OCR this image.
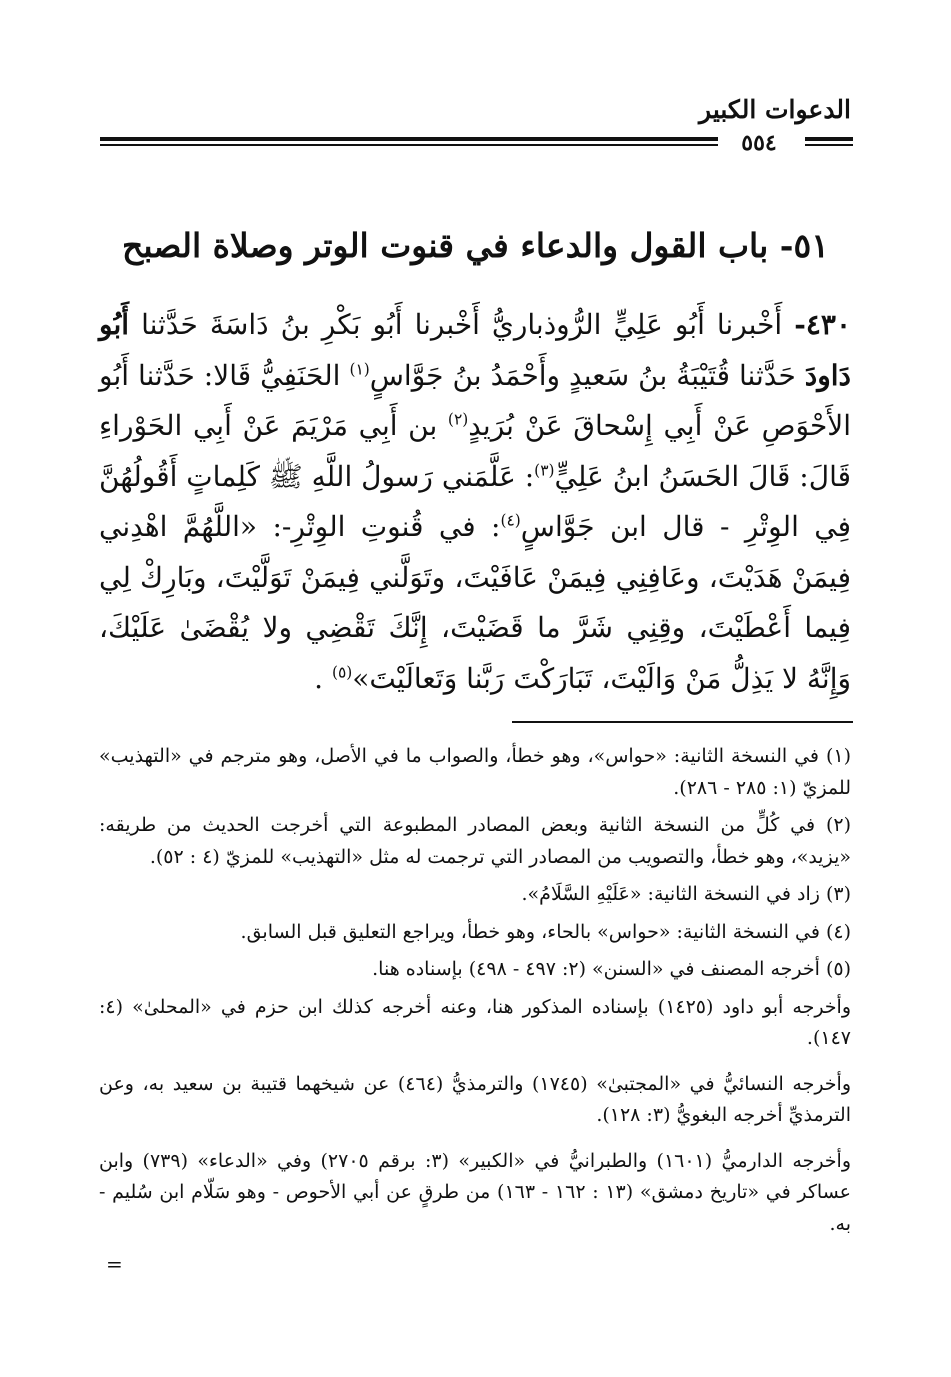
الدعوات الكبير
٥٥٤
٥١- باب القول والدعاء في قنوت الوتر وصلاة الصبح
٤٣٠- أَخْبرنا أَبُو عَلِيٍّ الرُّوذباريُّ أَخْبرنا أَبُو بَكْرِ بنُ دَاسَةَ حَدَّثنا أَبُو دَاودَ حَدَّثنا قُتَيْبَةُ بنُ سَعيدٍ وأَحْمَدُ بنُ جَوَّاسٍ$^{(١)}$ الحَنَفِيُّ قَالا: حَدَّثنا أَبُو الأَحْوَصِ عَنْ أَبِي إِسْحاقَ عَنْ بُرَيدٍ$^{(٢)}$ بن أَبِي مَرْيَمَ عَنْ أَبِي الحَوْراءِ قَالَ: قَالَ الحَسَنُ ابنُ عَلِيٍّ$^{(٣)}$: عَلَّمَني رَسولُ اللَّهِ ﷺ كَلِماتٍ أَقُولُهُنَّ فِي الوِتْرِ - قال ابن جَوَّاسٍ$^{(٤)}$: في قُنوتِ الوِتْرِ-: «اللَّهُمَّ اهْدِني فِيمَنْ هَدَيْتَ، وعَافِنِي فِيمَنْ عَافَيْتَ، وتَوَلَّني فِيمَنْ تَوَلَّيْتَ، وبَارِكْ لِي فِيما أَعْطَيْتَ، وقِنِي شَرَّ ما قَضَيْتَ، إِنَّكَ تَقْضِي ولا يُقْضَىٰ عَلَيْكَ، وَإِنَّهُ لا يَذِلُّ مَنْ وَالَيْتَ، تَبَارَكْتَ رَبَّنا وَتَعالَيْتَ»$^{(٥)}$ .

(١) في النسخة الثانية: «حواس»، وهو خطأ، والصواب ما في الأصل، وهو مترجم في «التهذيب» للمزيّ (١: ٢٨٥ - ٢٨٦).

(٢) في كُلٍّ من النسخة الثانية وبعض المصادر المطبوعة التي أخرجت الحديث من طريقه: «يزيد»، وهو خطأ، والتصويب من المصادر التي ترجمت له مثل «التهذيب» للمزيّ (٤ : ٥٢).

(٣) زاد في النسخة الثانية: «عَلَيْهِ السَّلَامُ».

(٤) في النسخة الثانية: «حواس» بالحاء، وهو خطأ، ويراجع التعليق قبل السابق.

(٥) أخرجه المصنف في «السنن» (٢: ٤٩٧ - ٤٩٨) بإسناده هنا.

وأخرجه أبو داود (١٤٢٥) بإسناده المذكور هنا، وعنه أخرجه كذلك ابن حزم في «المحلىٰ» (٤: ١٤٧).

وأخرجه النسائيُّ في «المجتبىٰ» (١٧٤٥) والترمذيُّ (٤٦٤) عن شيخهما قتيبة بن سعيد به، وعن الترمذيِّ أخرجه البغويُّ (٣: ١٢٨).

وأخرجه الدارميُّ (١٦٠١) والطبرانيُّ في «الكبير» (٣: برقم ٢٧٠٥) وفي «الدعاء» (٧٣٩) وابن عساكر في «تاريخ دمشق» (١٣ : ١٦٢ - ١٦٣) من طرقٍ عن أبي الأحوص - وهو سَلّام ابن سُليم - به.

=
